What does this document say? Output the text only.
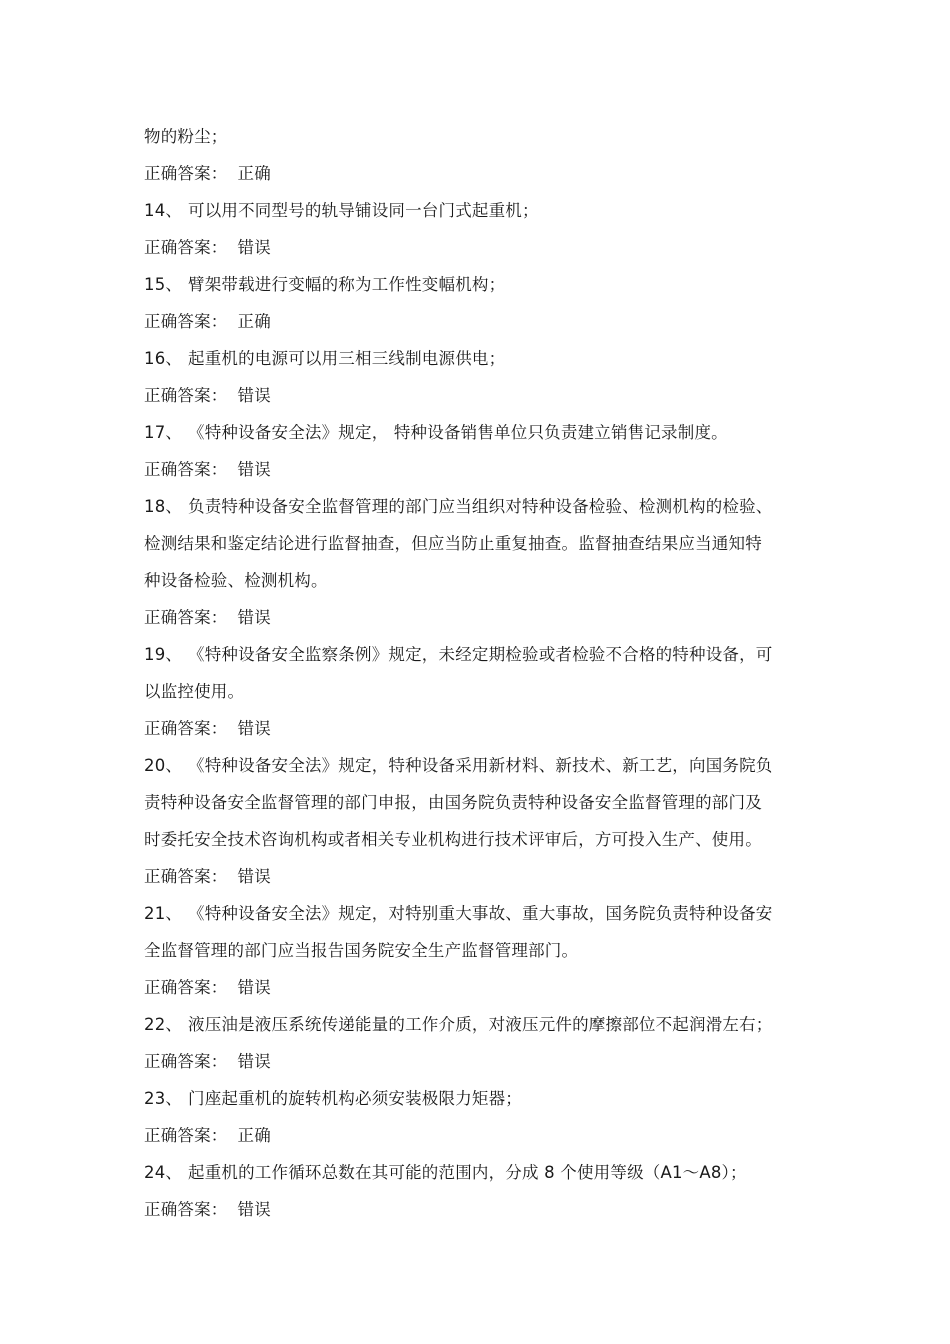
物的粉尘；
正确答案： 正确
14、 可以用不同型号的轨导铺设同一台门式起重机；
正确答案： 错误
15、 臂架带载进行变幅的称为工作性变幅机构；
正确答案： 正确
16、 起重机的电源可以用三相三线制电源供电；
正确答案： 错误
17、 《特种设备安全法》规定， 特种设备销售单位只负责建立销售记录制度。
正确答案： 错误
18、 负责特种设备安全监督管理的部门应当组织对特种设备检验、检测机构的检验、
检测结果和鉴定结论进行监督抽查，但应当防止重复抽查。监督抽查结果应当通知特
种设备检验、检测机构。
正确答案： 错误
19、 《特种设备安全监察条例》规定，未经定期检验或者检验不合格的特种设备，可
以监控使用。
正确答案： 错误
20、 《特种设备安全法》规定，特种设备采用新材料、新技术、新工艺，向国务院负
责特种设备安全监督管理的部门申报，由国务院负责特种设备安全监督管理的部门及
时委托安全技术咨询机构或者相关专业机构进行技术评审后，方可投入生产、使用。
正确答案： 错误
21、 《特种设备安全法》规定，对特别重大事故、重大事故，国务院负责特种设备安
全监督管理的部门应当报告国务院安全生产监督管理部门。
正确答案： 错误
22、 液压油是液压系统传递能量的工作介质，对液压元件的摩擦部位不起润滑左右；
正确答案： 错误
23、 门座起重机的旋转机构必须安装极限力矩器；
正确答案： 正确
24、 起重机的工作循环总数在其可能的范围内，分成 8 个使用等级（A1～A8）；
正确答案： 错误
